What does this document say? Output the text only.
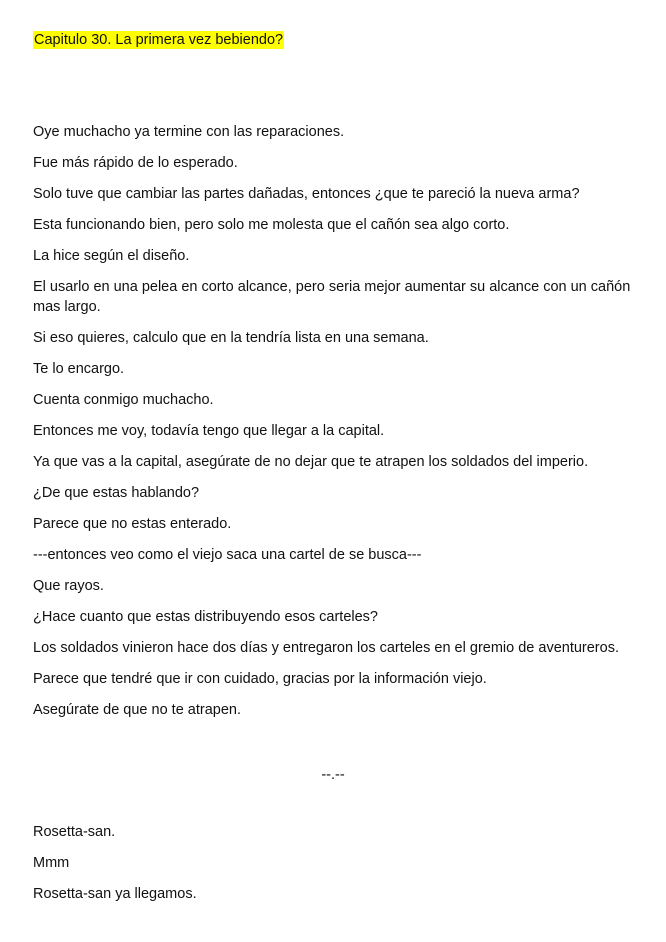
Capitulo 30. La primera vez bebiendo?

Oye muchacho ya termine con las reparaciones.

Fue más rápido de lo esperado.

Solo tuve que cambiar las partes dañadas, entonces ¿que te pareció la nueva arma?

Esta funcionando bien, pero solo me molesta que el cañón sea algo corto.

La hice según el diseño.

El usarlo en una pelea en corto alcance, pero seria mejor aumentar su alcance con un cañón mas largo.

Si eso quieres, calculo que en la tendría lista en una semana.

Te lo encargo.

Cuenta conmigo muchacho.

Entonces me voy, todavía tengo que llegar a la capital.

Ya que vas a la capital, asegúrate de no dejar que te atrapen los soldados del imperio.

¿De que estas hablando?

Parece que no estas enterado.

---entonces veo como el viejo saca una cartel de se busca---

Que rayos.

¿Hace cuanto que estas distribuyendo esos carteles?

Los soldados vinieron hace dos días y entregaron los carteles en el gremio de aventureros.

Parece que tendré que ir con cuidado, gracias por la información viejo.

Asegúrate de que no te atrapen.

--.--

Rosetta-san.

Mmm

Rosetta-san ya llegamos.
